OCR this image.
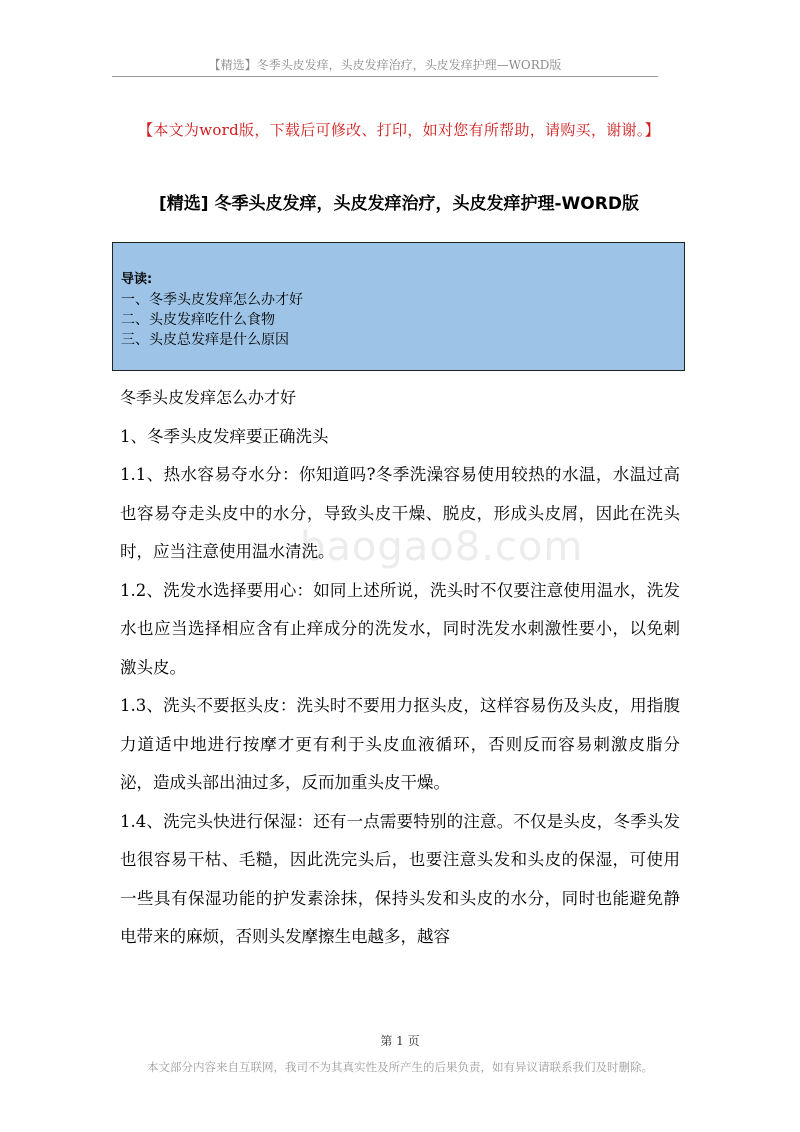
【精选】冬季头皮发痒，头皮发痒治疗，头皮发痒护理—WORD版
【本文为word版，下载后可修改、打印，如对您有所帮助，请购买，谢谢。】
[精选] 冬季头皮发痒，头皮发痒治疗，头皮发痒护理-WORD版
导读:
一、冬季头皮发痒怎么办才好
二、头皮发痒吃什么食物
三、头皮总发痒是什么原因
baogao8.com

冬季头皮发痒怎么办才好

1、冬季头皮发痒要正确洗头

1.1、热水容易夺水分：你知道吗?冬季洗澡容易使用较热的水温，水温过高也容易夺走头皮中的水分，导致头皮干燥、脱皮，形成头皮屑，因此在洗头时，应当注意使用温水清洗。

1.2、洗发水选择要用心：如同上述所说，洗头时不仅要注意使用温水，洗发水也应当选择相应含有止痒成分的洗发水，同时洗发水刺激性要小，以免刺激头皮。

1.3、洗头不要抠头皮：洗头时不要用力抠头皮，这样容易伤及头皮，用指腹力道适中地进行按摩才更有利于头皮血液循环，否则反而容易刺激皮脂分泌，造成头部出油过多，反而加重头皮干燥。

1.4、洗完头快进行保湿：还有一点需要特别的注意。不仅是头皮，冬季头发也很容易干枯、毛糙，因此洗完头后，也要注意头发和头皮的保湿，可使用一些具有保湿功能的护发素涂抹，保持头发和头皮的水分，同时也能避免静电带来的麻烦，否则头发摩擦生电越多，越容

第 1 页
本文部分内容来自互联网，我司不为其真实性及所产生的后果负责，如有异议请联系我们及时删除。
